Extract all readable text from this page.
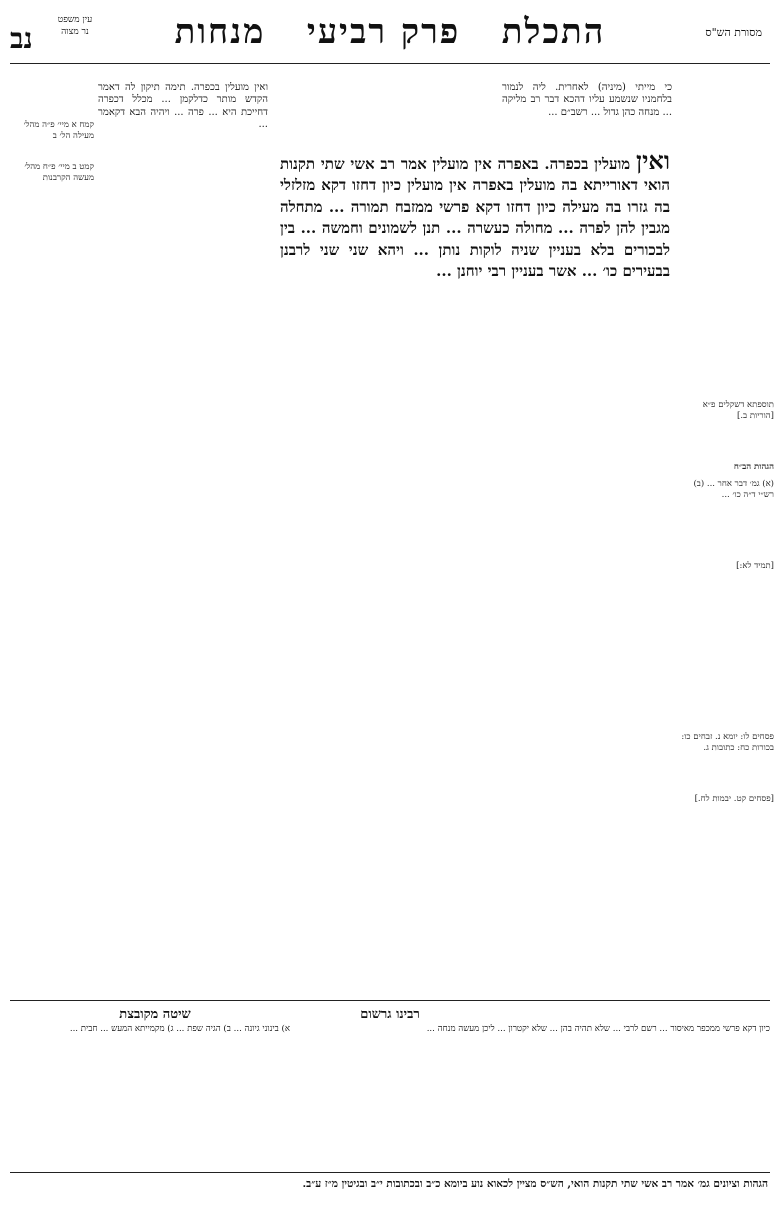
מסורת הש"ס
התכלת   פרק רביעי   מנחות
עין משפט
נר מצוה
נב

תוספתא דשקלים פ״א [הוריות ב.]

הגהות הב״ח

(א) גמ׳ דבר אחר ... (ב) רש״י ד״ה כו׳ ...

[תמיד לא:]

פסחים לו: יומא נ. זבחים כו: בכורות כח: כתובות ג.

[פסחים קט. יבמות לח.]

קמח א מיי׳ פ״ה מהל׳ מעילה הל׳ ב

קמט ב מיי׳ פ״ח מהל׳ מעשה הקרבנות

כי מייתי (מיניה) לאחרית. ליה לנמור בלחמניו שנשמע עליו דהכא דבר רב מליקה ... מנחה כהן גדול ... רשב״ם ...

ואין מועלין בכפרה. תימה תיקון לה דאמר הקדש מותר כדלקמן ... מכלל דכפרה דחייכת היא ... פרה ... ויהיה הבא דקאמר ...

ואין מועלין בכפרה. באפרה אין מועלין אמר רב אשי שתי תקנות הואי דאורייתא בה מועלין באפרה אין מועלין כיון דחזו דקא מזלזלי בה גזרו בה מעילה כיון דחזו דקא פרשי ממזבח תמורה ... מתחלה מגבין להן לפרה ... מחולה כעשרה ... תנן לשמונים וחמשה ... בין לבכורים בלא בעניין שניה לוקות נותן ... ויהא שני שני לרבנן בבעירים כו׳ ... אשר בעניין רבי יוחנן ...

רבינו גרשום

כיון דקא פרשי ממכפר מאיסור ... רשם לרבי ... שלא תהיה בהן ... שלא יקטרון ... ליכן מעשה מנחה ...

שיטה מקובצת

א) בינוני גיונה ... ב) הגיה שפת ... ג) מקמייתא המעש ... חבית ...

הגהות וציונים גמ׳ אמר רב אשי שתי תקנות הואי, הש״ס מציין לכאוא נוע ביומא כ״ב ובכתובות י״ב ובגיטין מ״ז ע״ב.
